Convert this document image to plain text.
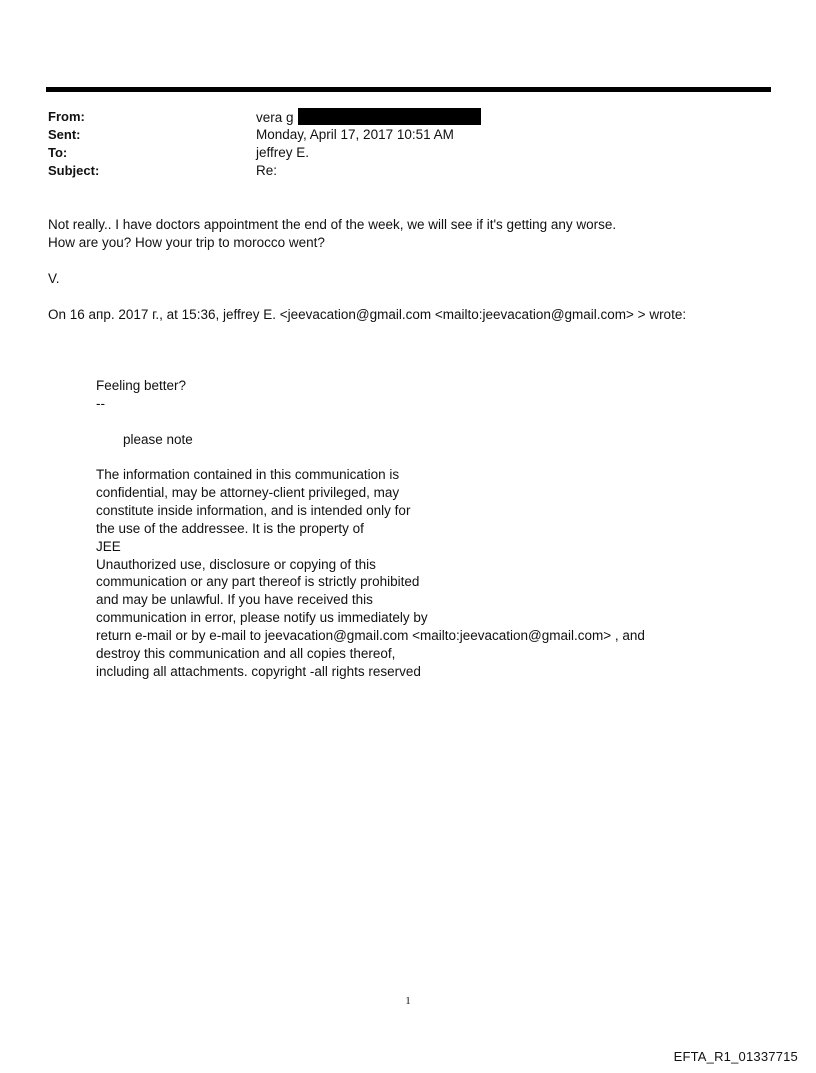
From:	vera g
Sent:	Monday, April 17, 2017 10:51 AM
To:	jeffrey E.
Subject:	Re:
Not really.. I have doctors appointment the end of the week, we will see if it's getting any worse.
How are you? How your trip to morocco went?
V.
On 16 апр. 2017 г., at 15:36, jeffrey E. <jeevacation@gmail.com <mailto:jeevacation@gmail.com> > wrote:
Feeling better?
--
please note
The information contained in this communication is
confidential, may be attorney-client privileged, may
constitute inside information, and is intended only for
the use of the addressee. It is the property of
JEE
Unauthorized use, disclosure or copying of this
communication or any part thereof is strictly prohibited
and may be unlawful. If you have received this
communication in error, please notify us immediately by
return e-mail or by e-mail to jeevacation@gmail.com <mailto:jeevacation@gmail.com> , and
destroy this communication and all copies thereof,
including all attachments. copyright -all rights reserved
1
EFTA_R1_01337715
